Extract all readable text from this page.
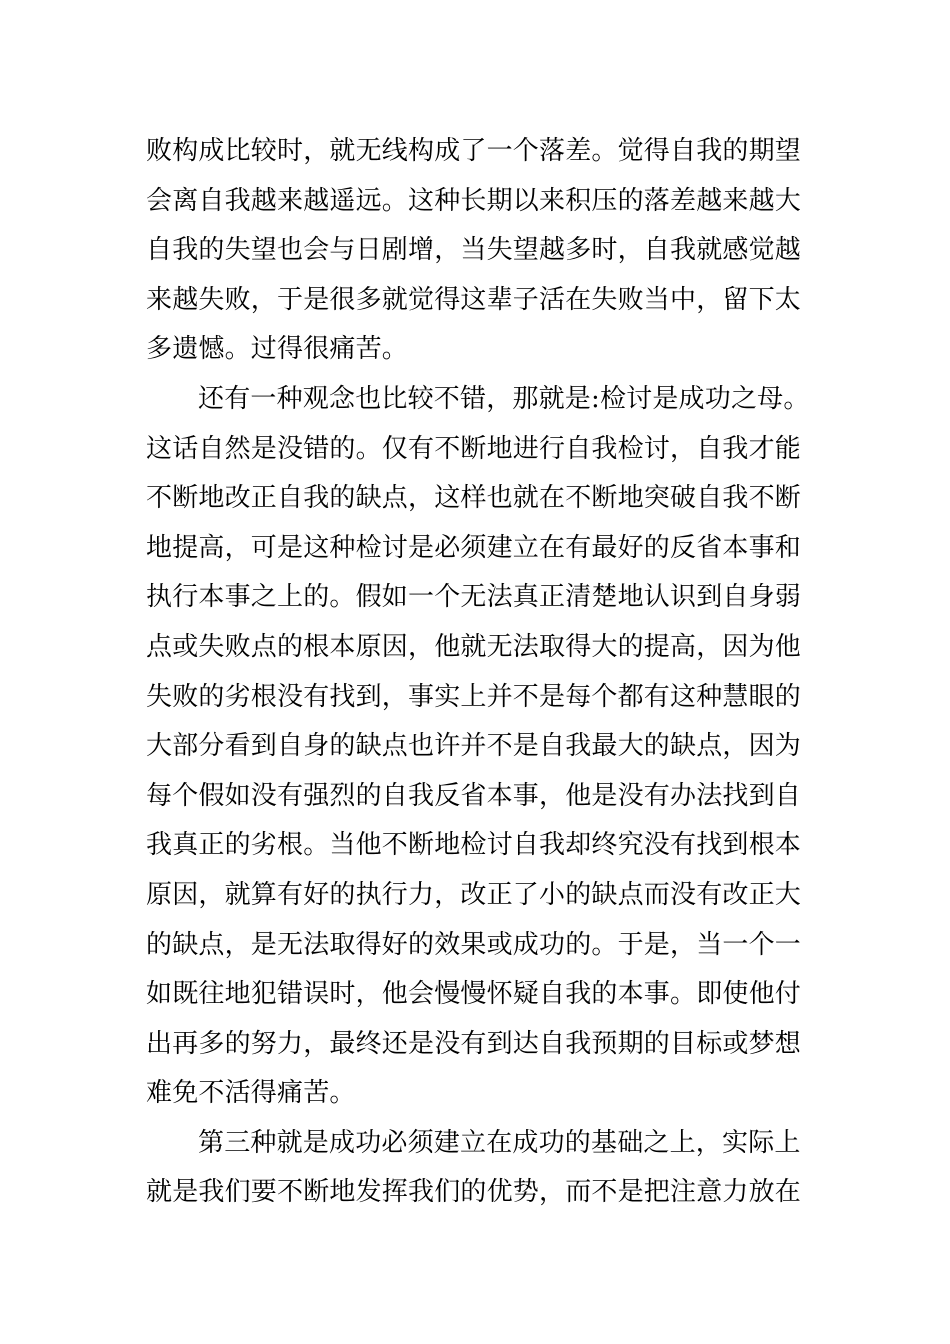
败构成比较时，就无线构成了一个落差。觉得自我的期望
会离自我越来越遥远。这种长期以来积压的落差越来越大
自我的失望也会与日剧增，当失望越多时，自我就感觉越
来越失败，于是很多就觉得这辈子活在失败当中，留下太
多遗憾。过得很痛苦。
还有一种观念也比较不错，那就是:检讨是成功之母。
这话自然是没错的。仅有不断地进行自我检讨，自我才能
不断地改正自我的缺点，这样也就在不断地突破自我不断
地提高，可是这种检讨是必须建立在有最好的反省本事和
执行本事之上的。假如一个无法真正清楚地认识到自身弱
点或失败点的根本原因，他就无法取得大的提高，因为他
失败的劣根没有找到，事实上并不是每个都有这种慧眼的
大部分看到自身的缺点也许并不是自我最大的缺点，因为
每个假如没有强烈的自我反省本事，他是没有办法找到自
我真正的劣根。当他不断地检讨自我却终究没有找到根本
原因，就算有好的执行力，改正了小的缺点而没有改正大
的缺点，是无法取得好的效果或成功的。于是，当一个一
如既往地犯错误时，他会慢慢怀疑自我的本事。即使他付
出再多的努力，最终还是没有到达自我预期的目标或梦想
难免不活得痛苦。
第三种就是成功必须建立在成功的基础之上，实际上
就是我们要不断地发挥我们的优势，而不是把注意力放在
